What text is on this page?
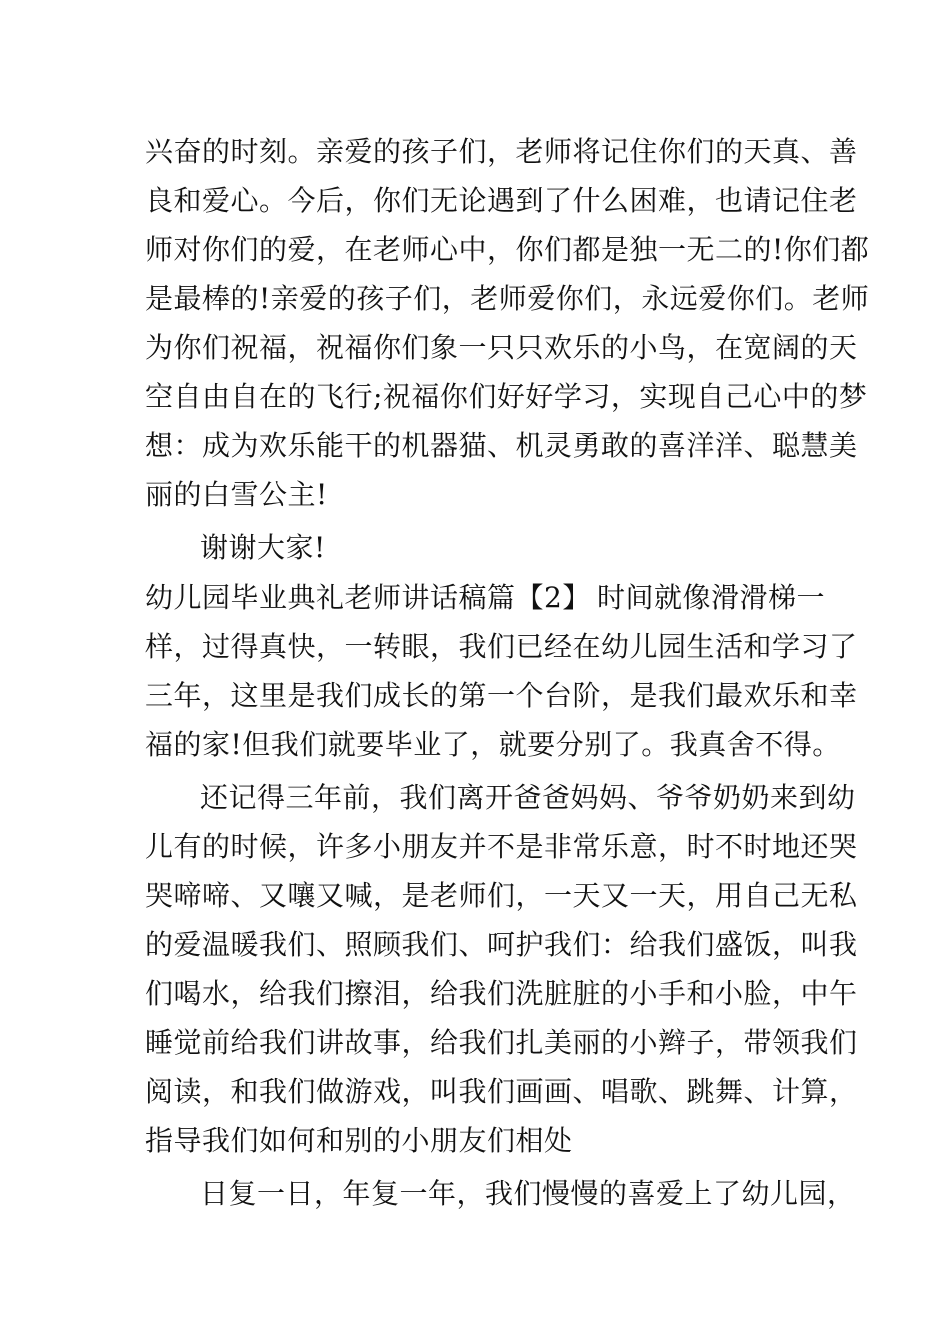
兴奋的时刻。亲爱的孩子们，老师将记住你们的天真、善
良和爱心。今后，你们无论遇到了什么困难，也请记住老
师对你们的爱，在老师心中，你们都是独一无二的!你们都
是最棒的!亲爱的孩子们，老师爱你们，永远爱你们。老师
为你们祝福，祝福你们象一只只欢乐的小鸟，在宽阔的天
空自由自在的飞行;祝福你们好好学习，实现自己心中的梦
想：成为欢乐能干的机器猫、机灵勇敢的喜洋洋、聪慧美
丽的白雪公主!
谢谢大家!
幼儿园毕业典礼老师讲话稿篇【2】 时间就像滑滑梯一
样，过得真快，一转眼，我们已经在幼儿园生活和学习了
三年，这里是我们成长的第一个台阶，是我们最欢乐和幸
福的家!但我们就要毕业了，就要分别了。我真舍不得。
还记得三年前，我们离开爸爸妈妈、爷爷奶奶来到幼
儿有的时候，许多小朋友并不是非常乐意，时不时地还哭
哭啼啼、又嚷又喊，是老师们，一天又一天，用自己无私
的爱温暖我们、照顾我们、呵护我们：给我们盛饭，叫我
们喝水，给我们擦泪，给我们洗脏脏的小手和小脸，中午
睡觉前给我们讲故事，给我们扎美丽的小辫子，带领我们
阅读，和我们做游戏，叫我们画画、唱歌、跳舞、计算，
指导我们如何和别的小朋友们相处
日复一日，年复一年，我们慢慢的喜爱上了幼儿园，
